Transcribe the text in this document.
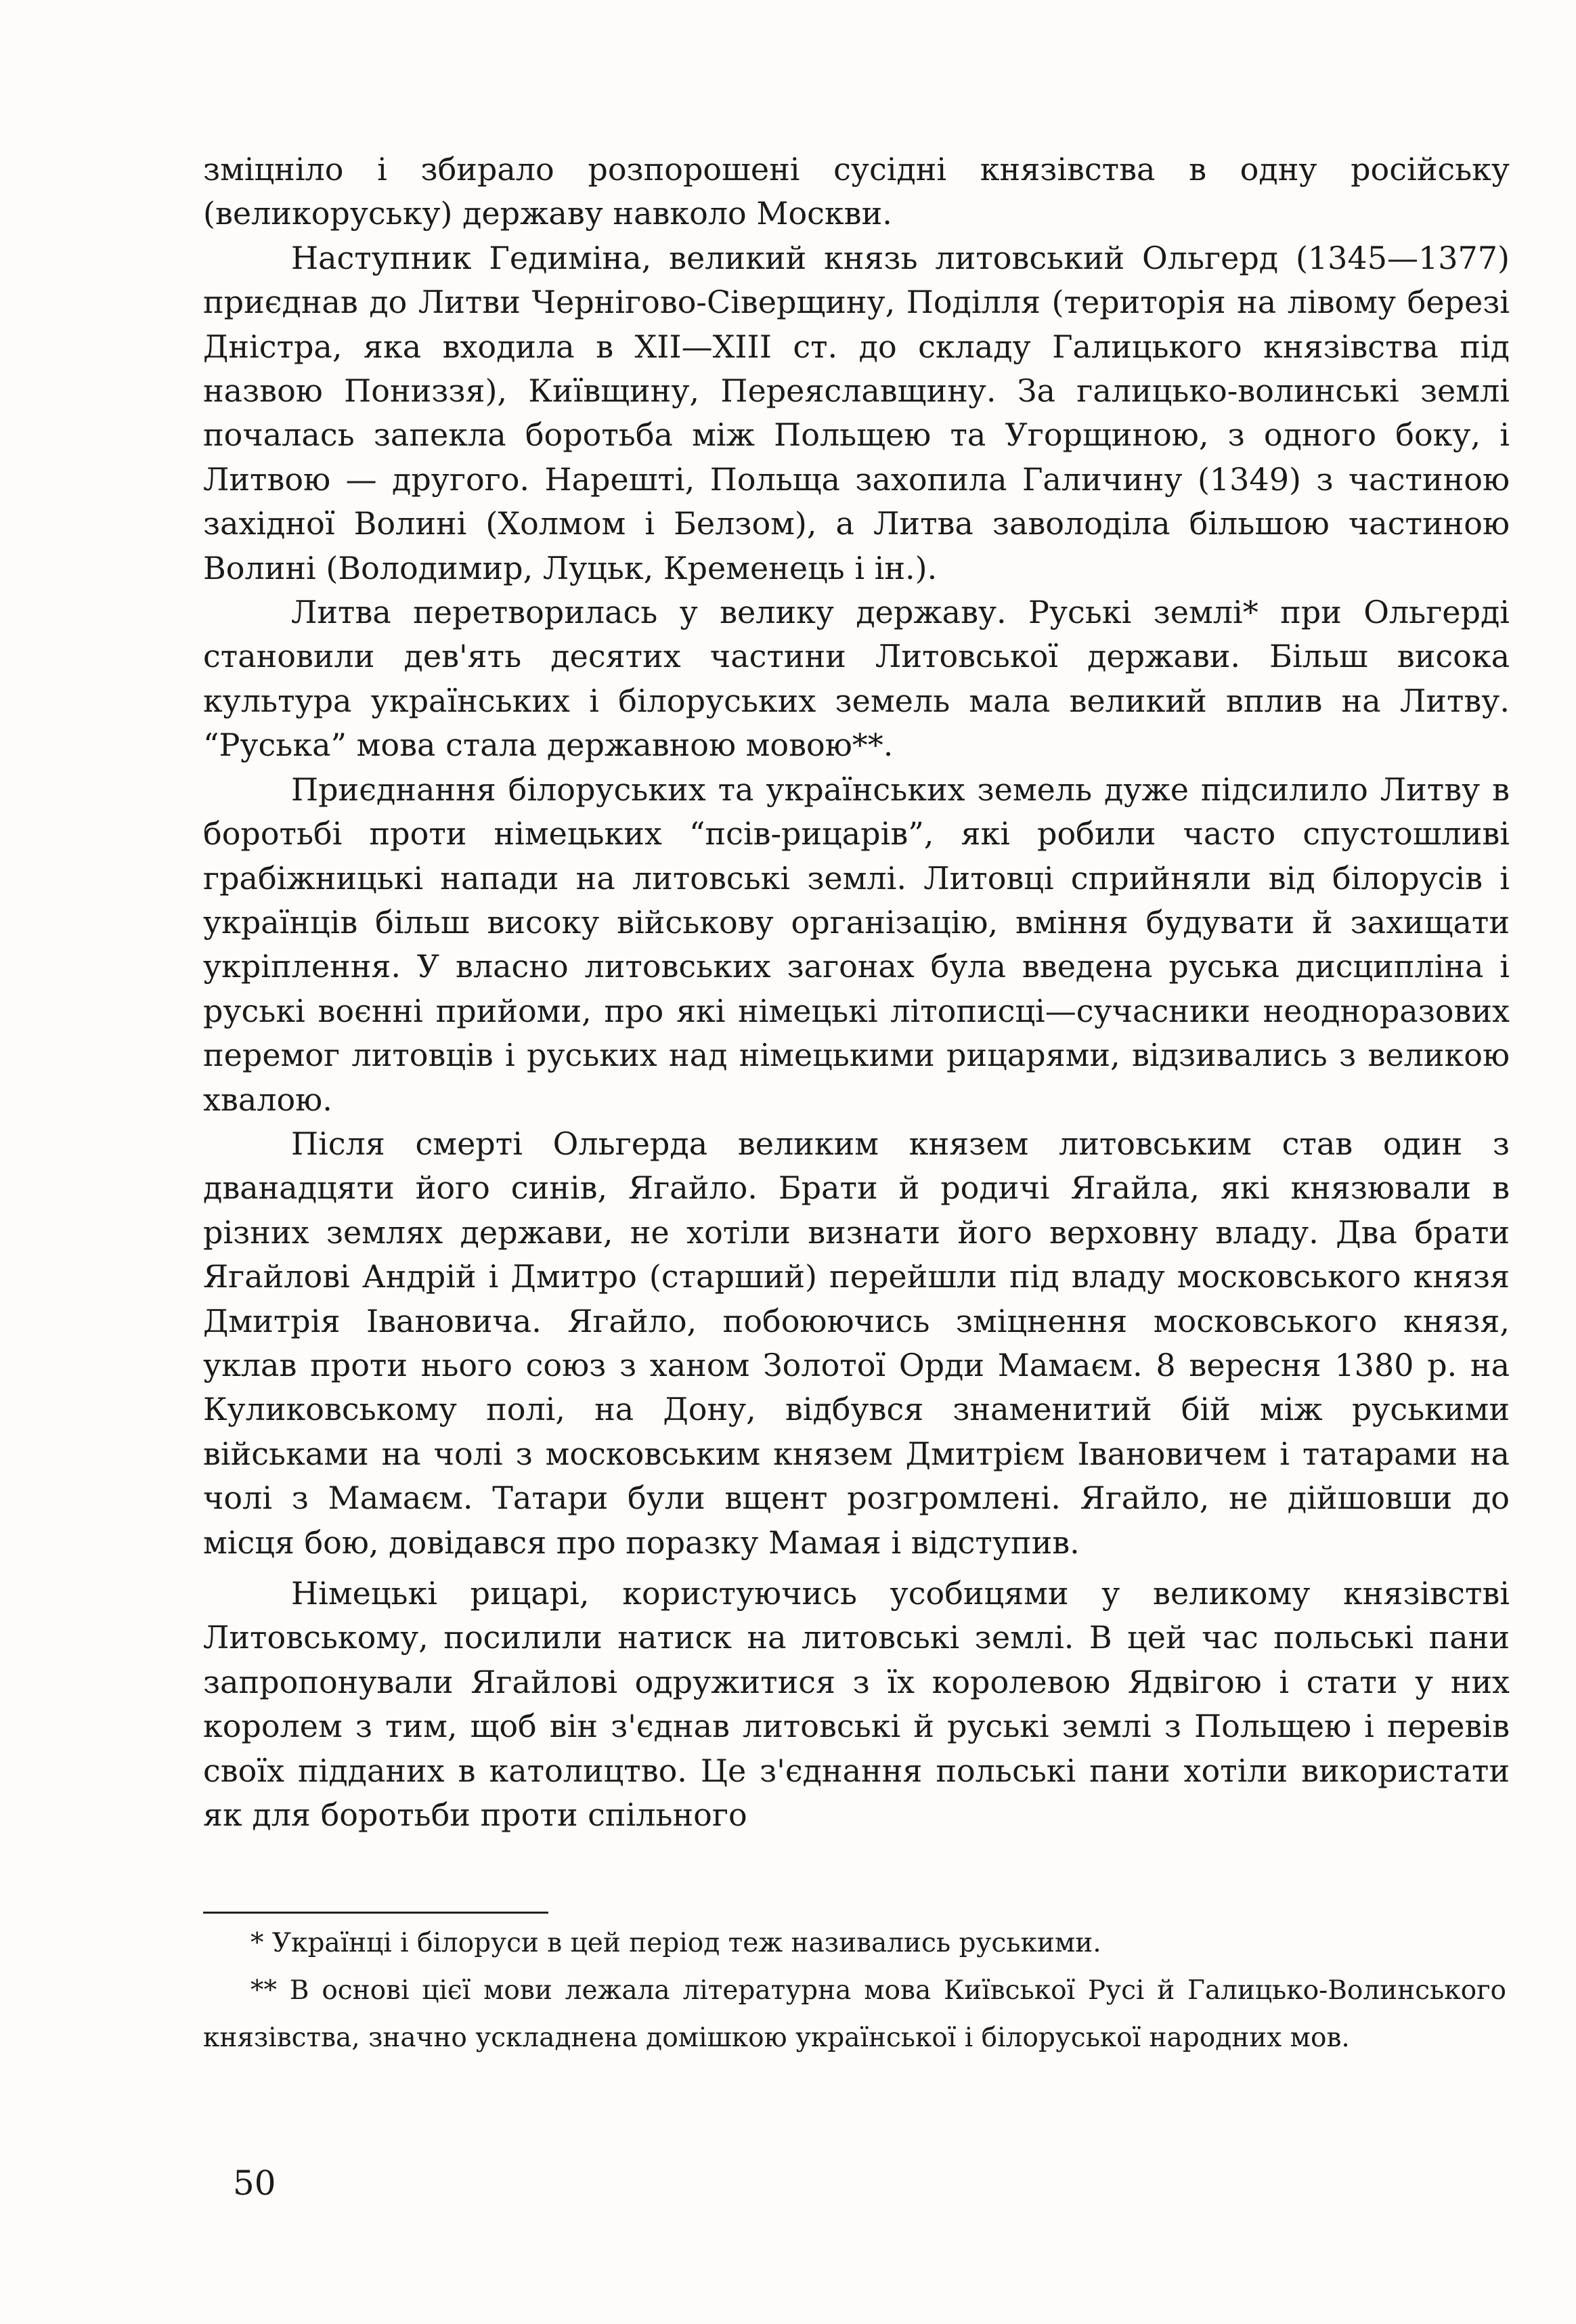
зміцніло і збирало розпорошені сусідні князівства в одну російську (великоруську) державу навколо Москви.

Наступник Гедиміна, великий князь литовський Ольгерд (1345—1377) приєднав до Литви Чернігово-Сіверщину, Поділля (територія на лівому березі Дністра, яка входила в XII—XIII ст. до складу Галицького князівства під назвою Пониззя), Київщину, Переяславщину. За галицько-волинські землі почалась запекла боротьба між Польщею та Угорщиною, з одного боку, і Литвою — другого. Нарешті, Польща захопила Галичину (1349) з частиною західної Волині (Холмом і Белзом), а Литва заволоділа більшою частиною Волині (Володимир, Луцьк, Кременець і ін.).

Литва перетворилась у велику державу. Руські землі* при Ольгерді становили дев'ять десятих частини Литовської держави. Більш висока культура українських і білоруських земель мала великий вплив на Литву. “Руська” мова стала державною мовою**.

Приєднання білоруських та українських земель дуже підсилило Литву в боротьбі проти німецьких “псів-рицарів”, які робили часто спустошливі грабіжницькі напади на литовські землі. Литовці сприйняли від білорусів і українців більш високу військову організацію, вміння будувати й захищати укріплення. У власно литовських загонах була введена руська дисципліна і руські воєнні прийоми, про які німецькі літописці—сучасники неодноразових перемог литовців і руських над німецькими рицарями, відзивались з великою хвалою.

Після смерті Ольгерда великим князем литовським став один з дванадцяти його синів, Ягайло. Брати й родичі Ягайла, які князювали в різних землях держави, не хотіли визнати його верховну владу. Два брати Ягайлові Андрій і Дмитро (старший) перейшли під владу московського князя Дмитрія Івановича. Ягайло, побоюючись зміцнення московського князя, уклав проти нього союз з ханом Золотої Орди Мамаєм. 8 вересня 1380 р. на Куликовському полі, на Дону, відбувся знаменитий бій між руськими військами на чолі з московським князем Дмитрієм Івановичем і татарами на чолі з Мамаєм. Татари були вщент розгромлені. Ягайло, не дійшовши до місця бою, довідався про поразку Мамая і відступив.

Німецькі рицарі, користуючись усобицями у великому князівстві Литовському, посилили натиск на литовські землі. В цей час польські пани запропонували Ягайлові одружитися з їх королевою Ядвігою і стати у них королем з тим, щоб він з'єднав литовські й руські землі з Польщею і перевів своїх підданих в католицтво. Це з'єднання польські пани хотіли використати як для боротьби проти спільного

* Українці і білоруси в цей період теж називались руськими.

** В основі цієї мови лежала літературна мова Київської Русі й Галицько-Волинського князівства, значно ускладнена домішкою української і білоруської народних мов.

50
